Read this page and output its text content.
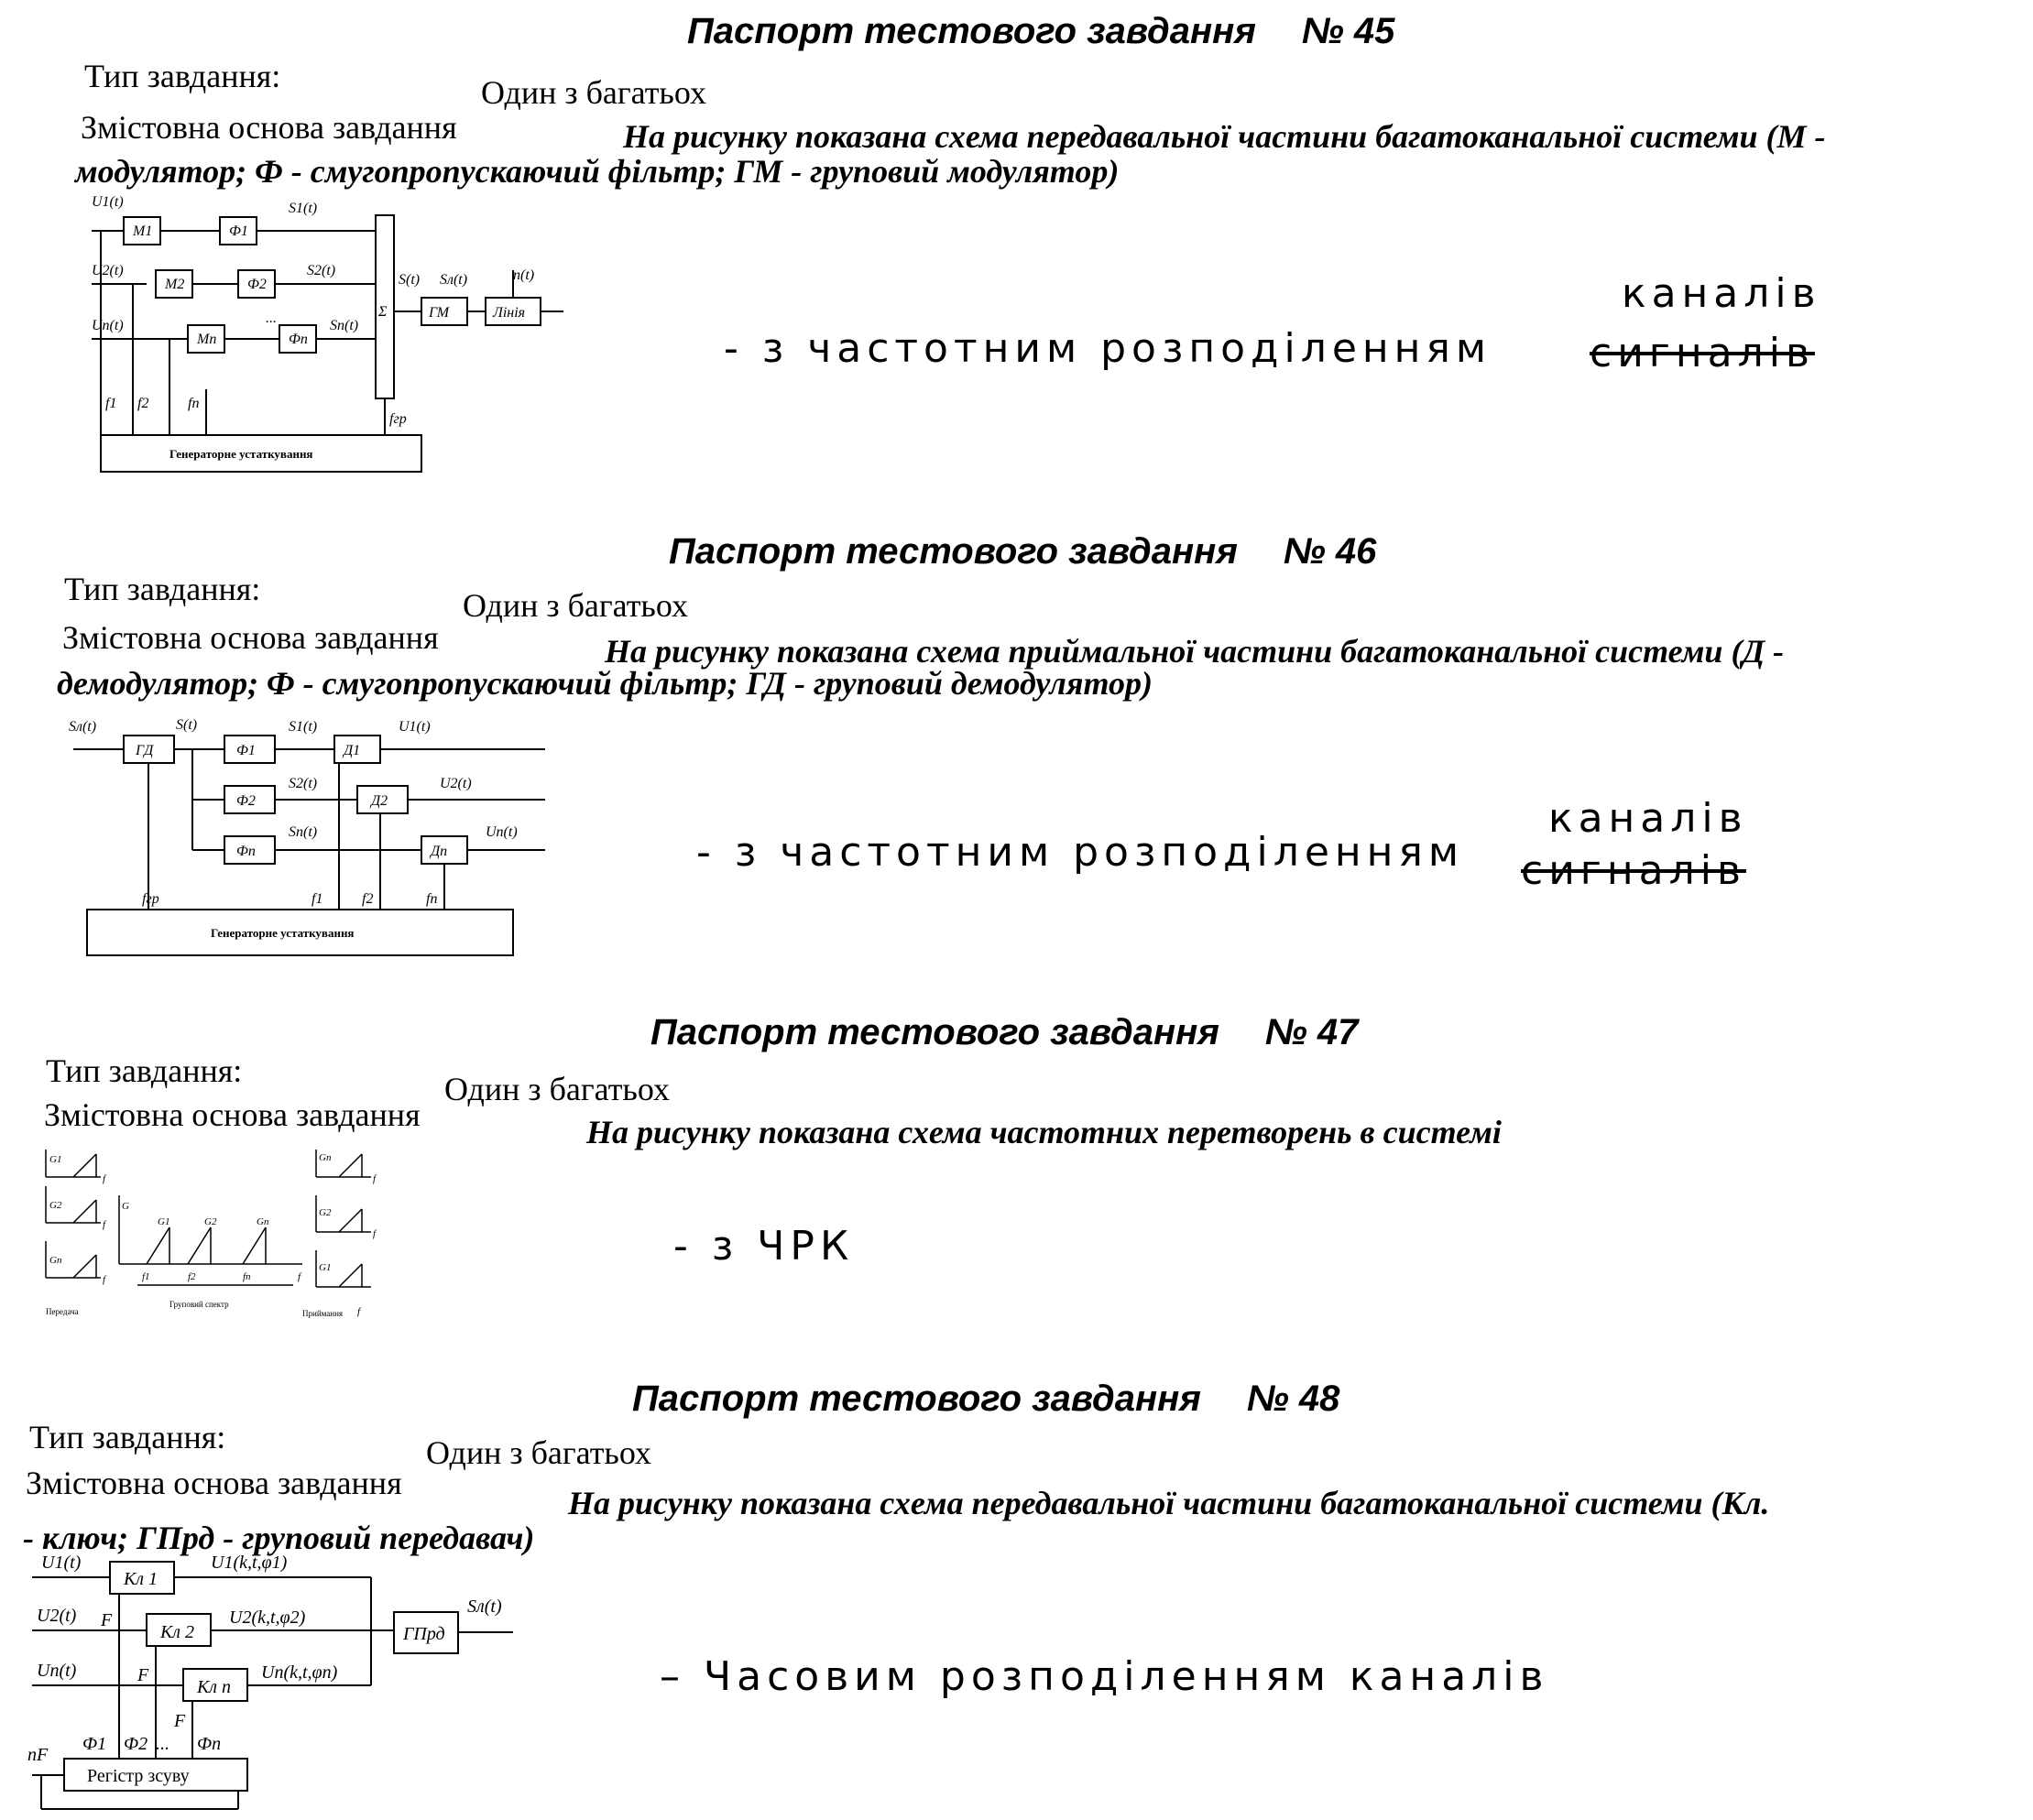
Паспорт тестового завдання № 45
Тип завдання:	Один з багатьох
Змістовна основа завдання	На рисунку показана схема передавальної частини багатоканальної системи (М -
модулятор; Ф - смугопропускаючий фільтр; ГМ - груповий модулятор)
U1(t)
U2(t)
Un(t)
M1
M2
Mn
Ф1
Ф2
Фn
S1(t)
S2(t)
Sn(t)
...	Σ
S(t) Sл(t)	n(t)
ГМ	Лінія
f1 f2	fn
fгр
Генераторне устаткування
- з частотним розподіленням сигналів
каналів
Паспорт тестового завдання № 46
Тип завдання:	Один з багатьох
Змістовна основа завдання	На рисунку показана схема приймальної частини багатоканальної системи (Д -
демодулятор; Ф - смугопропускаючий фільтр; ГД - груповий демодулятор)
Sл(t)
ГД
S(t)
Ф1
Ф2
Фn
Д1
Д2
Дn
S1(t)
S2(t)
Sn(t)
U1(t)
U2(t)
Un(t)
fгр	f1	f2	fn
Генераторне устаткування
- з частотним розподіленням сигналів
каналів
Паспорт тестового завдання № 47
Тип завдання:	Один з багатьох
Змістовна основа завдання	На рисунку показана схема частотних перетворень в системі
G1
G2
Gn
G
G1	G2	Gn
Gn
G2
G1
f1	f2	fn	f
f
f
f
f
f
f
Передача
Груповий спектр
Приймання
- з ЧРК
Паспорт тестового завдання № 48
Тип завдання:	Один з багатьох
Змістовна основа завдання
На рисунку показана схема передавальної частини багатоканальної системи (Кл.
- ключ; ГПрд - груповий передавач)
U1(t)
U2(t)
Un(t)
Кл 1
Кл 2
Кл n
U1(k,t,φ1)
U2(k,t,φ2)
Un(k,t,φn)
F
F
F
ГПрд
Sл(t)
Ф1 Ф2	Фn
...
nF
Регістр зсуву
– Часовим розподіленням каналів
